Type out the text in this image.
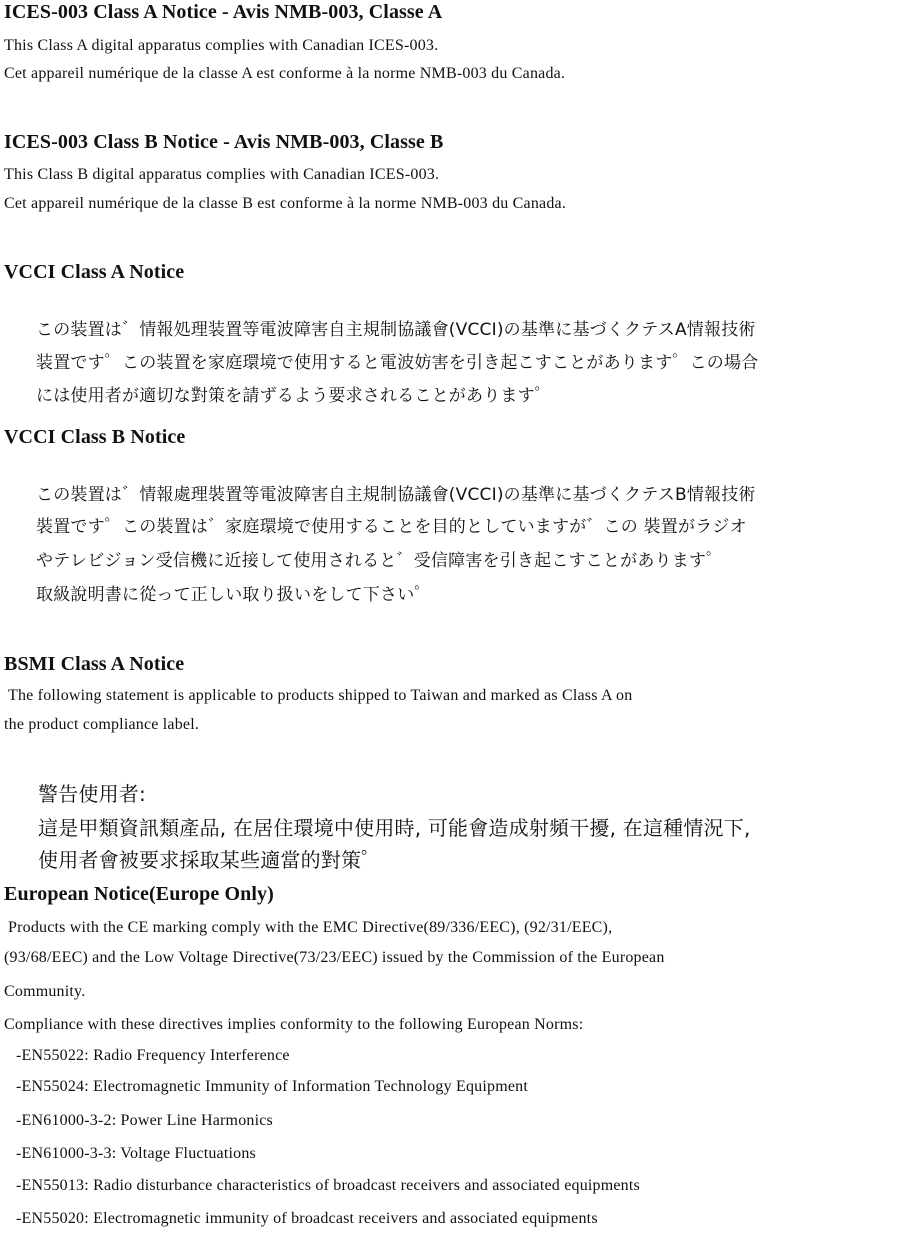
ICES-003 Class A Notice - Avis NMB-003, Classe A
This Class A digital apparatus complies with Canadian ICES-003.
Cet appareil numérique de la classe A est conforme à la norme NMB-003 du Canada.
ICES-003 Class B Notice - Avis NMB-003, Classe B
This Class B digital apparatus complies with Canadian ICES-003.
Cet appareil numérique de la classe B est conforme à la norme NMB-003 du Canada.
VCCI Class A Notice
この装置は゛情報処理装置等電波障害自主規制協議會(VCCI)の基準に基づくクテスA情報技術
装置です゜この装置を家庭環境で使用すると電波妨害を引き起こすことがあります゜この場合
には使用者が適切な對策を請ずるよう要求されることがあります゜
VCCI Class B Notice
この裝置は゛情報處理裝置等電波障害自主規制協議會(VCCI)の基準に基づくクテスB情報技術
裝置です゜この裝置は゛家庭環境で使用することを目的としていますが゛この 裝置がラジオ
やテレビジョン受信機に近接して使用されると゛受信障害を引き起こすことがあります゜
取級說明書に從って正しい取り扱いをして下さい゜
BSMI Class A Notice
The following statement is applicable to products shipped to Taiwan and marked as Class A on
the product compliance label.
警告使用者:
這是甲類資訊類產品, 在居住環境中使用時, 可能會造成射頻干擾, 在這種情況下,
使用者會被要求採取某些適當的對策゜
European Notice(Europe Only)
Products with the CE marking comply with the EMC Directive(89/336/EEC), (92/31/EEC),
(93/68/EEC) and the Low Voltage Directive(73/23/EEC) issued by the Commission of the European
Community.
Compliance with these directives implies conformity to the following European Norms:
-EN55022: Radio Frequency Interference
-EN55024: Electromagnetic Immunity of Information Technology Equipment
-EN61000-3-2: Power Line Harmonics
-EN61000-3-3: Voltage Fluctuations
-EN55013: Radio disturbance characteristics of broadcast receivers and associated equipments
-EN55020: Electromagnetic immunity of broadcast receivers and associated equipments
